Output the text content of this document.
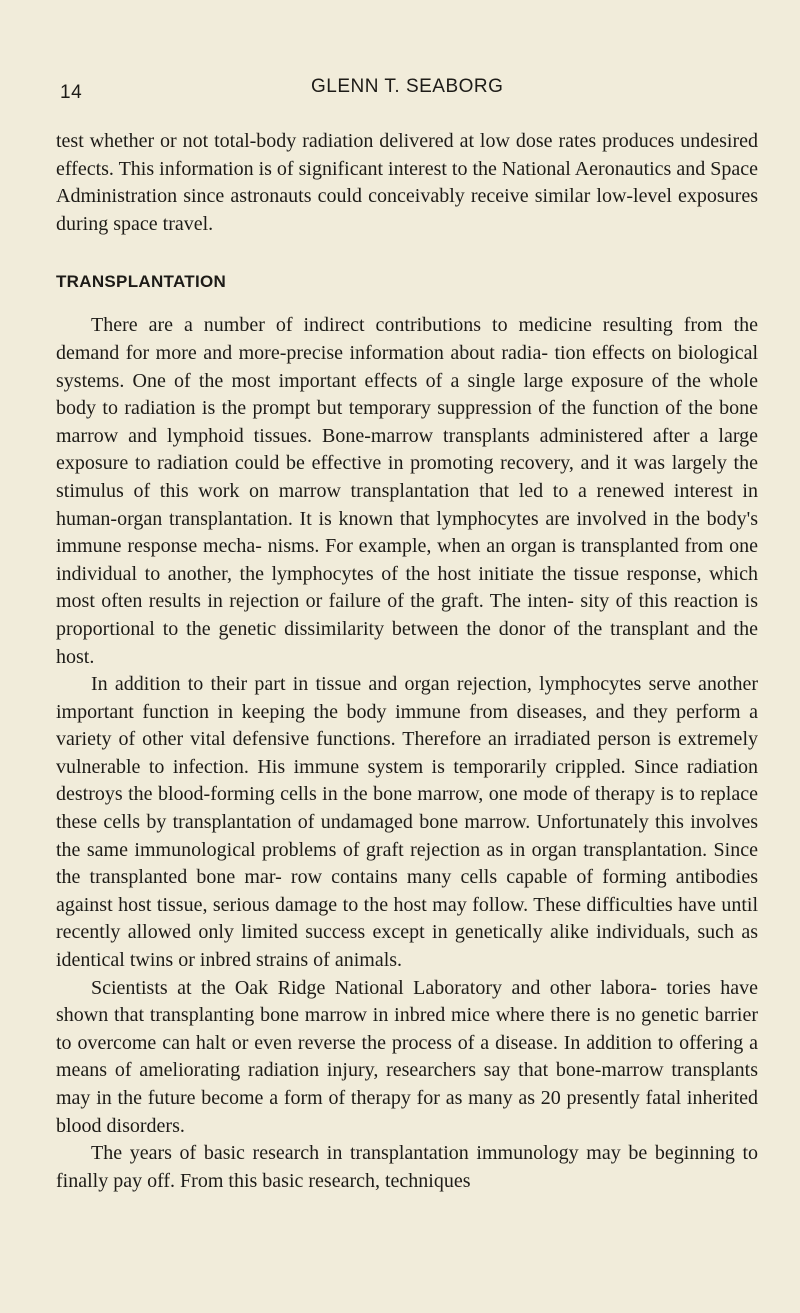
14	GLENN T. SEABORG

test whether or not total-body radiation delivered at low dose rates produces undesired effects. This information is of significant interest to the National Aeronautics and Space Administration since astronauts could conceivably receive similar low-level exposures during space travel.

TRANSPLANTATION

There are a number of indirect contributions to medicine resulting from the demand for more and more-precise information about radia- tion effects on biological systems. One of the most important effects of a single large exposure of the whole body to radiation is the prompt but temporary suppression of the function of the bone marrow and lymphoid tissues. Bone-marrow transplants administered after a large exposure to radiation could be effective in promoting recovery, and it was largely the stimulus of this work on marrow transplantation that led to a renewed interest in human-organ transplantation. It is known that lymphocytes are involved in the body's immune response mecha- nisms. For example, when an organ is transplanted from one individual to another, the lymphocytes of the host initiate the tissue response, which most often results in rejection or failure of the graft. The inten- sity of this reaction is proportional to the genetic dissimilarity between the donor of the transplant and the host.

In addition to their part in tissue and organ rejection, lymphocytes serve another important function in keeping the body immune from diseases, and they perform a variety of other vital defensive functions. Therefore an irradiated person is extremely vulnerable to infection. His immune system is temporarily crippled. Since radiation destroys the blood-forming cells in the bone marrow, one mode of therapy is to replace these cells by transplantation of undamaged bone marrow. Unfortunately this involves the same immunological problems of graft rejection as in organ transplantation. Since the transplanted bone mar- row contains many cells capable of forming antibodies against host tissue, serious damage to the host may follow. These difficulties have until recently allowed only limited success except in genetically alike individuals, such as identical twins or inbred strains of animals.

Scientists at the Oak Ridge National Laboratory and other labora- tories have shown that transplanting bone marrow in inbred mice where there is no genetic barrier to overcome can halt or even reverse the process of a disease. In addition to offering a means of ameliorating radiation injury, researchers say that bone-marrow transplants may in the future become a form of therapy for as many as 20 presently fatal inherited blood disorders.

The years of basic research in transplantation immunology may be beginning to finally pay off. From this basic research, techniques
